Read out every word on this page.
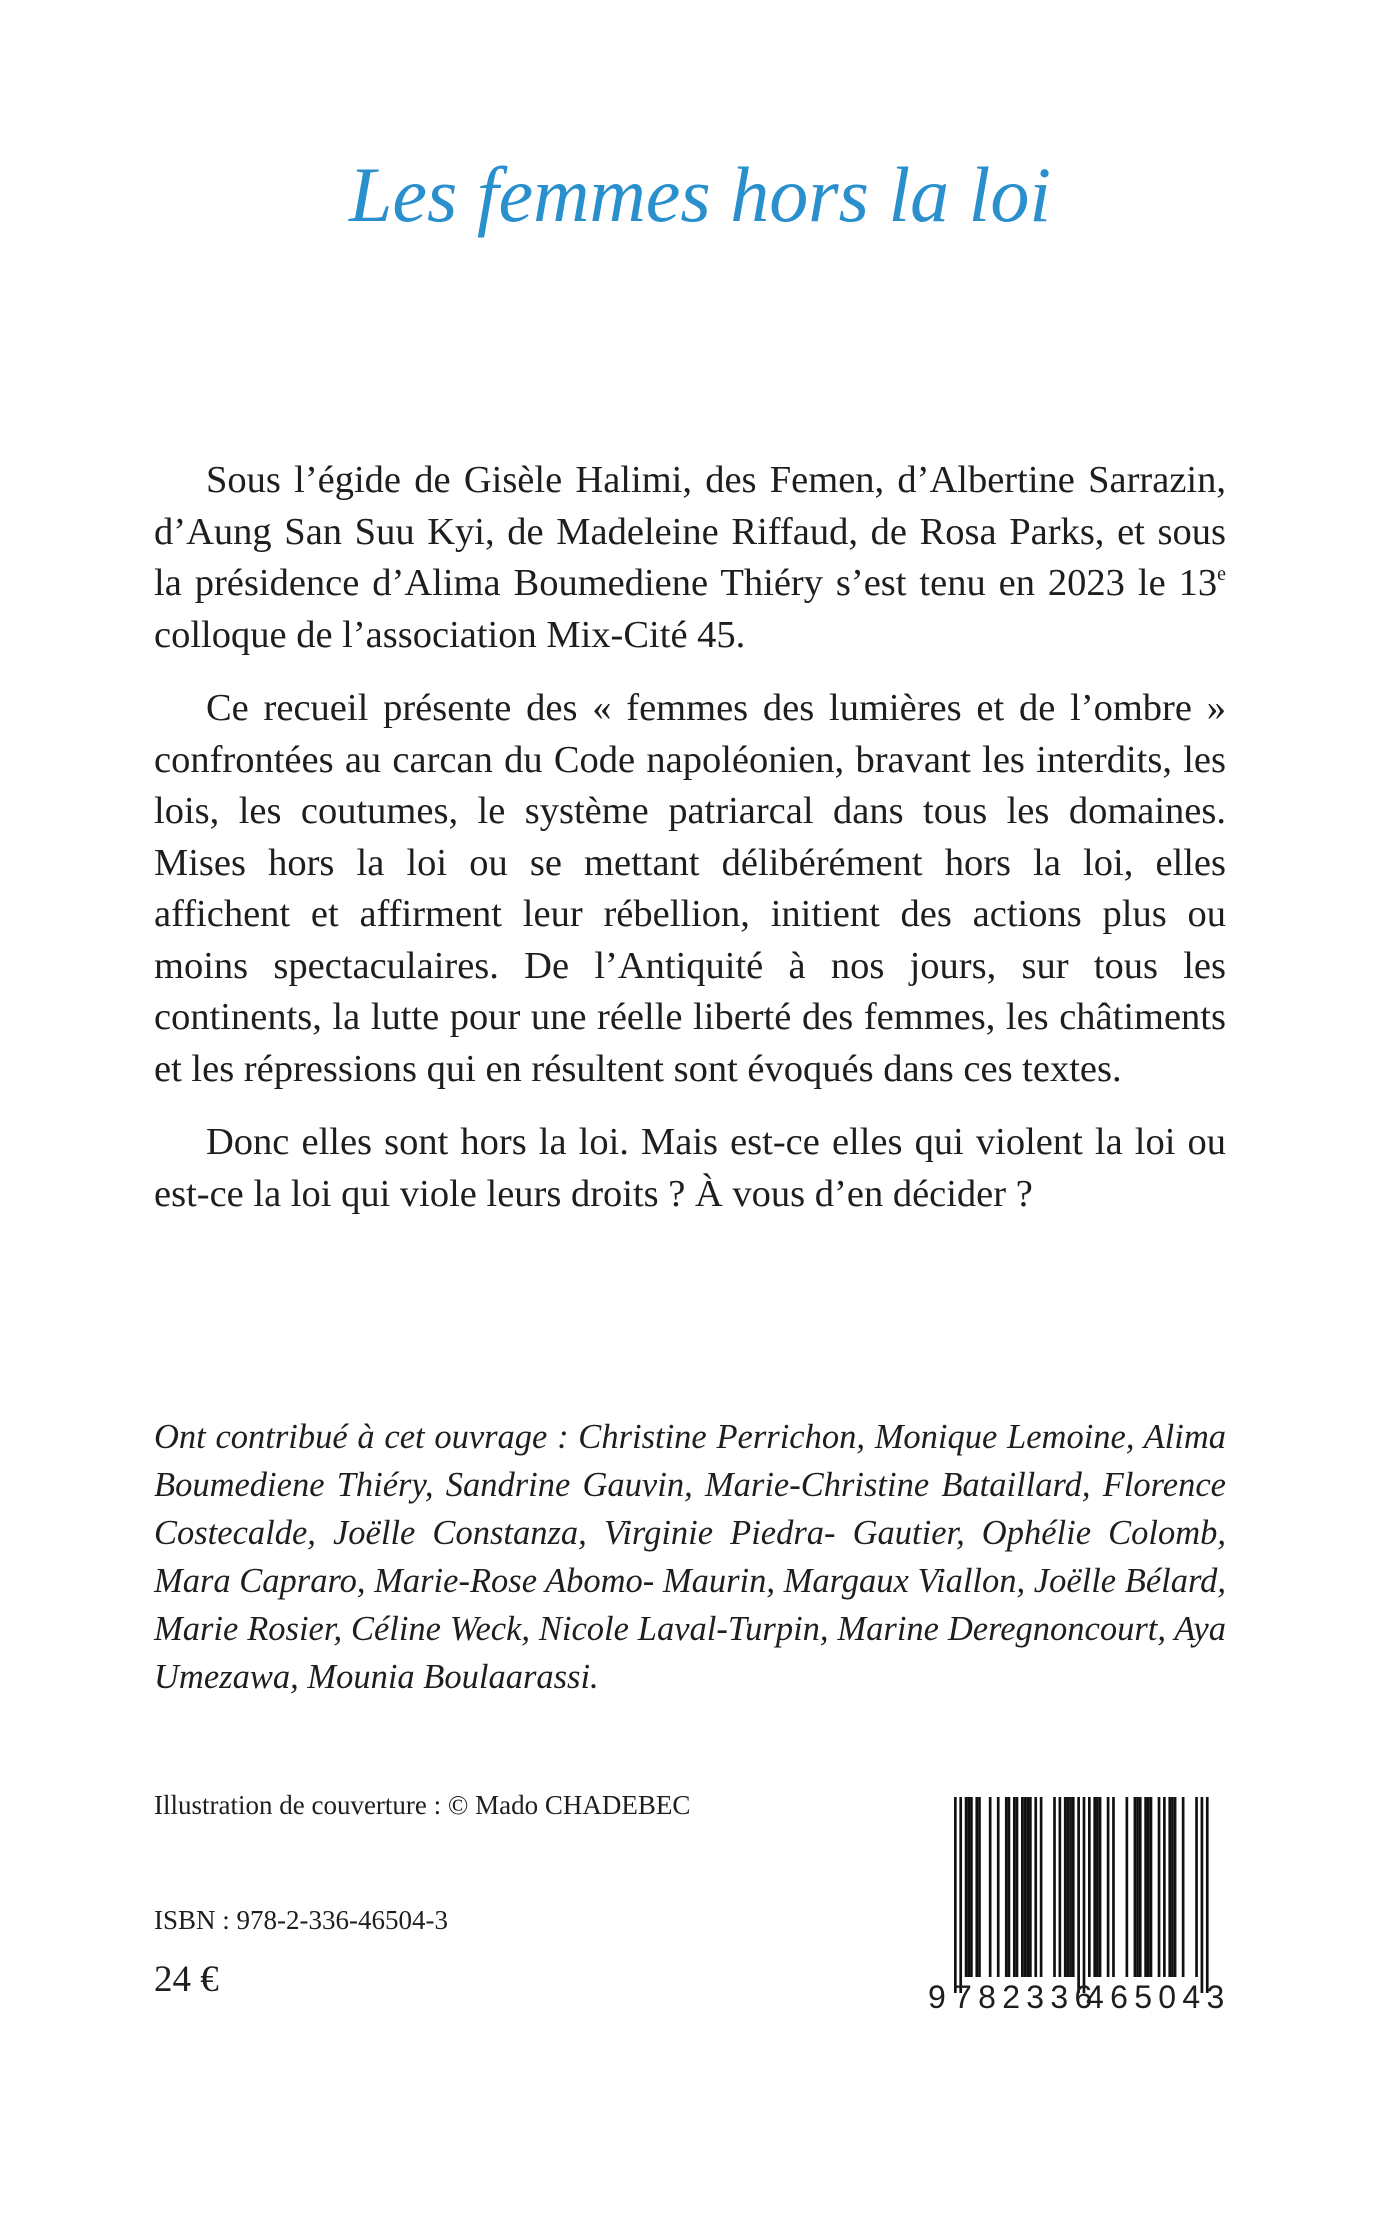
Les femmes hors la loi

Sous l’égide de Gisèle Halimi, des Femen, d’Albertine Sarrazin, d’Aung San Suu Kyi, de Madeleine Riffaud, de Rosa Parks, et sous la présidence d’Alima Boumediene Thiéry s’est tenu en 2023 le 13e colloque de l’association Mix-Cité 45.

Ce recueil présente des « femmes des lumières et de l’ombre » confrontées au carcan du Code napoléonien, bravant les interdits, les lois, les coutumes, le système patriarcal dans tous les domaines. Mises hors la loi ou se mettant délibérément hors la loi, elles affichent et affirment leur rébellion, initient des actions plus ou moins spectaculaires. De l’Antiquité à nos jours, sur tous les continents, la lutte pour une réelle liberté des femmes, les châtiments et les répressions qui en résultent sont évoqués dans ces textes.

Donc elles sont hors la loi. Mais est-ce elles qui violent la loi ou est-ce la loi qui viole leurs droits ? À vous d’en décider ?

Ont contribué à cet ouvrage : Christine Perrichon, Monique Lemoine, Alima Boumediene Thiéry, Sandrine Gauvin, Marie-Christine Bataillard, Florence Costecalde, Joëlle Constanza, Virginie Piedra- Gautier, Ophélie Colomb, Mara Capraro, Marie-Rose Abomo- Maurin, Margaux Viallon, Joëlle Bélard, Marie Rosier, Céline Weck, Nicole Laval-Turpin, Marine Deregnoncourt, Aya Umezawa, Mounia Boulaarassi.

Illustration de couverture : © Mado CHADEBEC
ISBN : 978-2-336-46504-3
24 €	9 782336
465043
